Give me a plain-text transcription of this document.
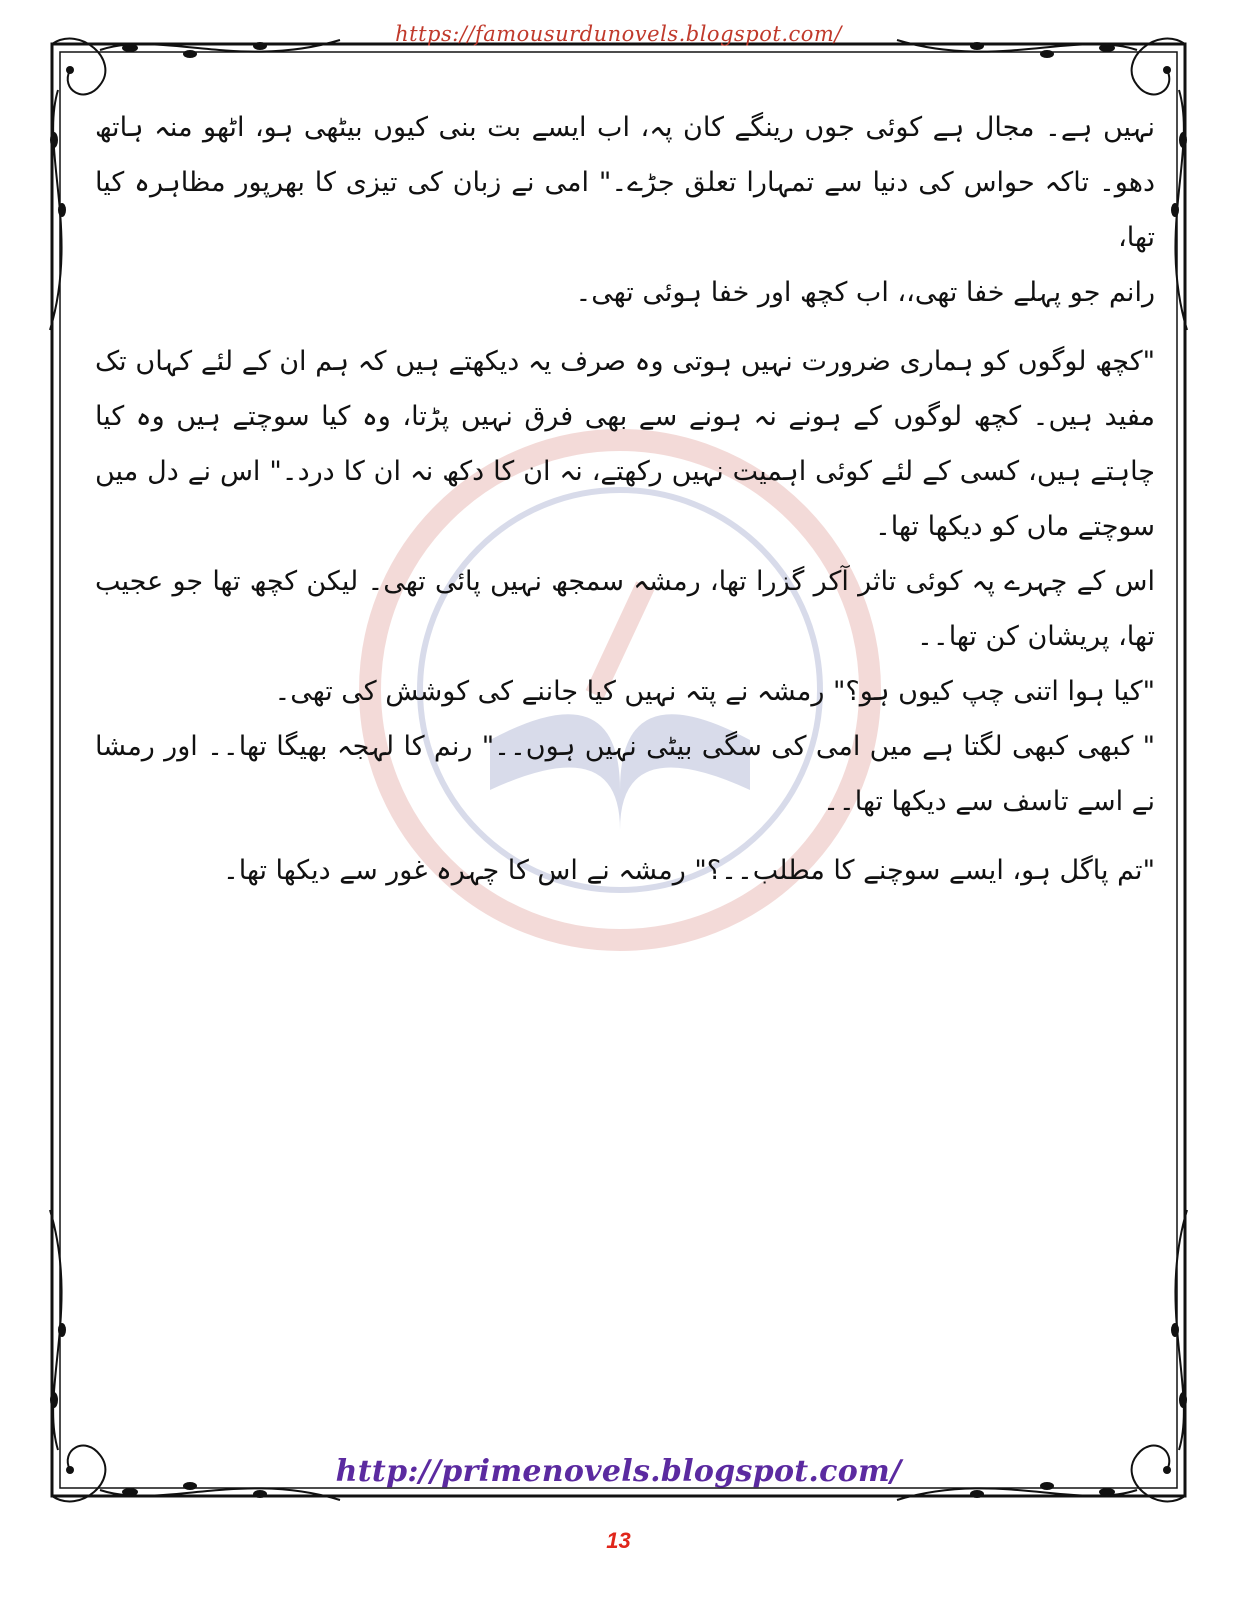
https://famousurdunovels.blogspot.com/

نہیں ہے۔ مجال ہے کوئی جوں رینگے کان پہ، اب ایسے بت بنی کیوں بیٹھی ہو، اٹھو منہ ہاتھ دھو۔ تاکہ حواس کی دنیا سے تمہارا تعلق جڑے۔" امی نے زبان کی تیزی کا بھرپور مظاہرہ کیا تھا،

رانم جو پہلے خفا تھی،، اب کچھ اور خفا ہوئی تھی۔

"کچھ لوگوں کو ہماری ضرورت نہیں ہوتی وہ صرف یہ دیکھتے ہیں کہ ہم ان کے لئے کہاں تک مفید ہیں۔ کچھ لوگوں کے ہونے نہ ہونے سے بھی فرق نہیں پڑتا، وہ کیا سوچتے ہیں وہ کیا چاہتے ہیں، کسی کے لئے کوئی اہمیت نہیں رکھتے، نہ ان کا دکھ نہ ان کا درد۔" اس نے دل میں سوچتے ماں کو دیکھا تھا۔

اس کے چہرے پہ کوئی تاثر آکر گزرا تھا، رمشہ سمجھ نہیں پائی تھی۔ لیکن کچھ تھا جو عجیب تھا، پریشان کن تھا۔۔

"کیا ہوا اتنی چپ کیوں ہو؟" رمشہ نے پتہ نہیں کیا جاننے کی کوشش کی تھی۔

" کبھی کبھی لگتا ہے میں امی کی سگی بیٹی نہیں ہوں۔۔" رنم کا لہجہ بھیگا تھا۔۔ اور رمشا نے اسے تاسف سے دیکھا تھا۔۔

"تم پاگل ہو، ایسے سوچنے کا مطلب۔۔؟" رمشہ نے اس کا چہرہ غور سے دیکھا تھا۔

http://primenovels.blogspot.com/
13
